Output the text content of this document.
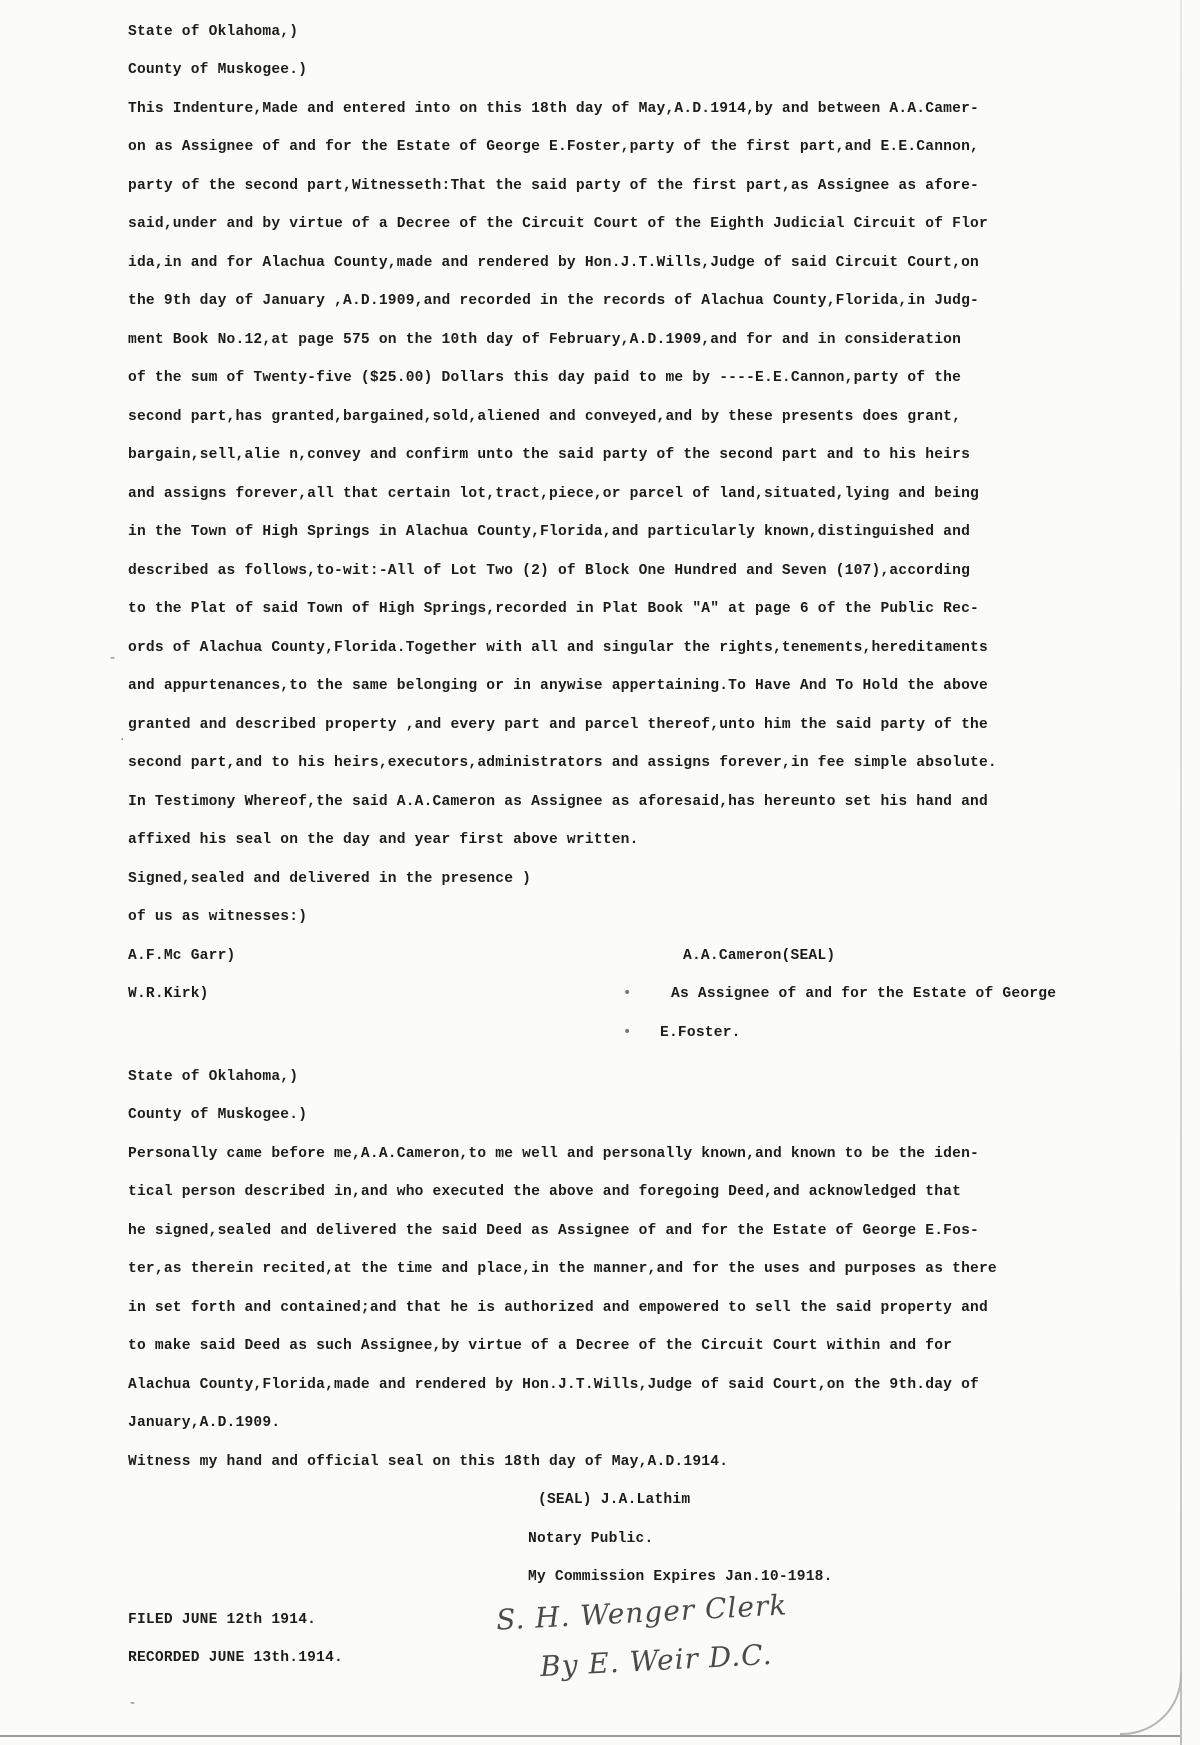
State of Oklahoma,)
County of Muskogee.)
This Indenture,Made and entered into on this 18th day of May,A.D.1914,by and between A.A.Camer-
on as Assignee of and for the Estate of George E.Foster,party of the first part,and E.E.Cannon,
party of the second part,Witnesseth:That the said party of the first part,as Assignee as afore-
said,under and by virtue of a Decree of the Circuit Court of the Eighth Judicial Circuit of Flor
ida,in and for Alachua County,made and rendered by Hon.J.T.Wills,Judge of said Circuit Court,on
the 9th day of January ,A.D.1909,and recorded in the records of Alachua County,Florida,in Judg-
ment Book No.12,at page 575 on the 10th day of February,A.D.1909,and for and in consideration
of the sum of Twenty-five ($25.00) Dollars this day paid to me by ----E.E.Cannon,party of the
second part,has granted,bargained,sold,aliened and conveyed,and by these presents does grant,
bargain,sell,alie n,convey and confirm unto the said party of the second part and to his heirs
and assigns forever,all that certain lot,tract,piece,or parcel of land,situated,lying and being
in the Town of High Springs in Alachua County,Florida,and particularly known,distinguished and
described as follows,to-wit:-All of Lot Two (2) of Block One Hundred and Seven (107),according
to the Plat of said Town of High Springs,recorded in Plat Book "A" at page 6 of the Public Rec-
ords of Alachua County,Florida.Together with all and singular the rights,tenements,hereditaments
and appurtenances,to the same belonging or in anywise appertaining.To Have And To Hold the above
granted and described property ,and every part and parcel thereof,unto him the said party of the
second part,and to his heirs,executors,administrators and assigns forever,in fee simple absolute.
In Testimony Whereof,the said A.A.Cameron as Assignee as aforesaid,has hereunto set his hand and
affixed his seal on the day and year first above written.
Signed,sealed and delivered in the presence )
of us as witnesses:)
A.F.Mc Garr)
W.R.Kirk)
A.A.Cameron(SEAL)
•	As Assignee of and for the Estate of George
• E.Foster.
State of Oklahoma,)
County of Muskogee.)
Personally came before me,A.A.Cameron,to me well and personally known,and known to be the iden-
tical person described in,and who executed the above and foregoing Deed,and acknowledged that
he signed,sealed and delivered the said Deed as Assignee of and for the Estate of George E.Fos-
ter,as therein recited,at the time and place,in the manner,and for the uses and purposes as there
in set forth and contained;and that he is authorized and empowered to sell the said property and
to make said Deed as such Assignee,by virtue of a Decree of the Circuit Court within and for
Alachua County,Florida,made and rendered by Hon.J.T.Wills,Judge of said Court,on the 9th.day of
January,A.D.1909.
Witness my hand and official seal on this 18th day of May,A.D.1914.
(SEAL) J.A.Lathim
Notary Public.
My Commission Expires Jan.10-1918.
FILED JUNE 12th 1914.
RECORDED JUNE 13th.1914.
S. H. Wenger Clerk
By E. Weir D.C.
-
.
-
